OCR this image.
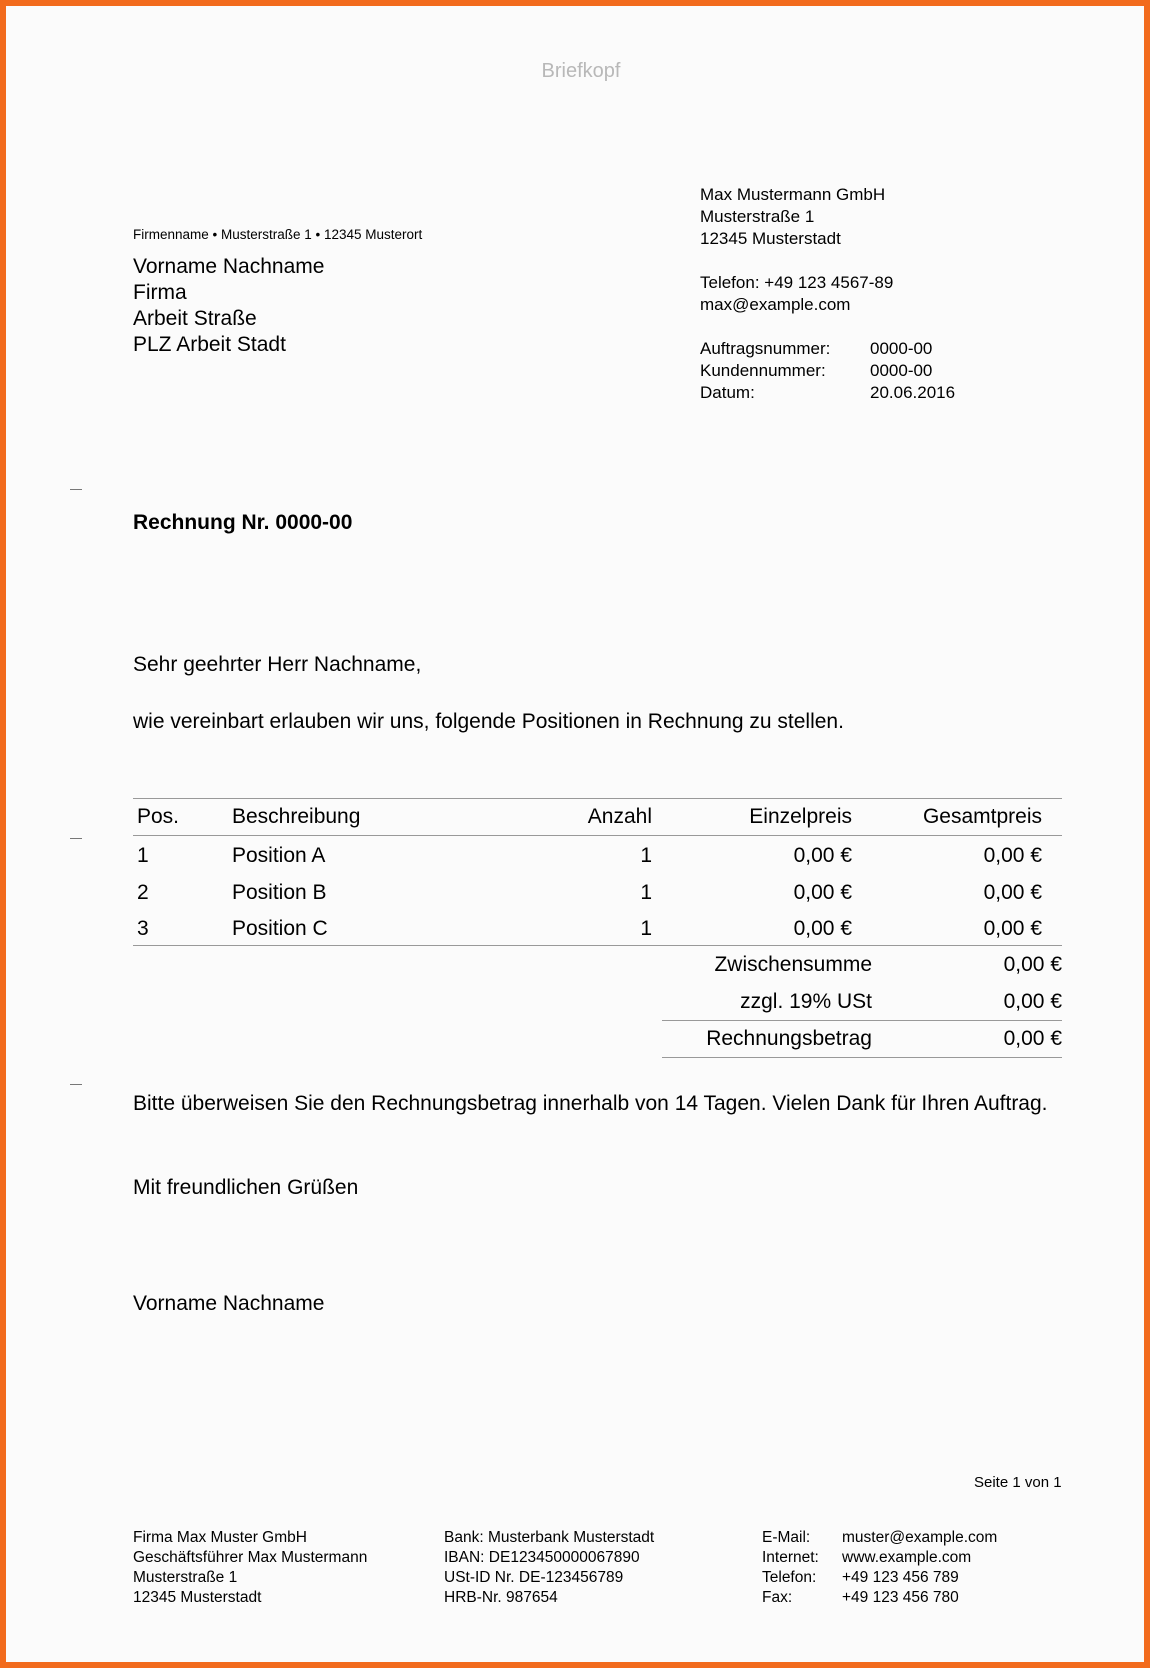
Briefkopf
Firmenname • Musterstraße 1 • 12345 Musterort
Vorname Nachname
Firma
Arbeit Straße
PLZ Arbeit Stadt
Max Mustermann GmbH
Musterstraße 1
12345 Musterstadt
Telefon: +49 123 4567-89
max@example.com
Auftragsnummer:	0000-00
Kundennummer:	0000-00
Datum:	20.06.2016
Rechnung Nr. 0000-00
Sehr geehrter Herr Nachname,
wie vereinbart erlauben wir uns, folgende Positionen in Rechnung zu stellen.
Pos.	Beschreibung	Anzahl	Einzelpreis	Gesamtpreis
1	Position A	1	0,00 €	0,00 €
2	Position B	1	0,00 €	0,00 €
3	Position C	1	0,00 €	0,00 €
Zwischensumme	0,00 €
zzgl. 19% USt	0,00 €
Rechnungsbetrag	0,00 €
Bitte überweisen Sie den Rechnungsbetrag innerhalb von 14 Tagen. Vielen Dank für Ihren Auftrag.
Mit freundlichen Grüßen
Vorname Nachname
Seite 1 von 1
Firma Max Muster GmbH
Geschäftsführer Max Mustermann
Musterstraße 1
12345 Musterstadt
Bank: Musterbank Musterstadt
IBAN: DE123450000067890
USt-ID Nr. DE-123456789
HRB-Nr. 987654
E-Mail:	muster@example.com
Internet:	www.example.com
Telefon:	+49 123 456 789
Fax:	+49 123 456 780
